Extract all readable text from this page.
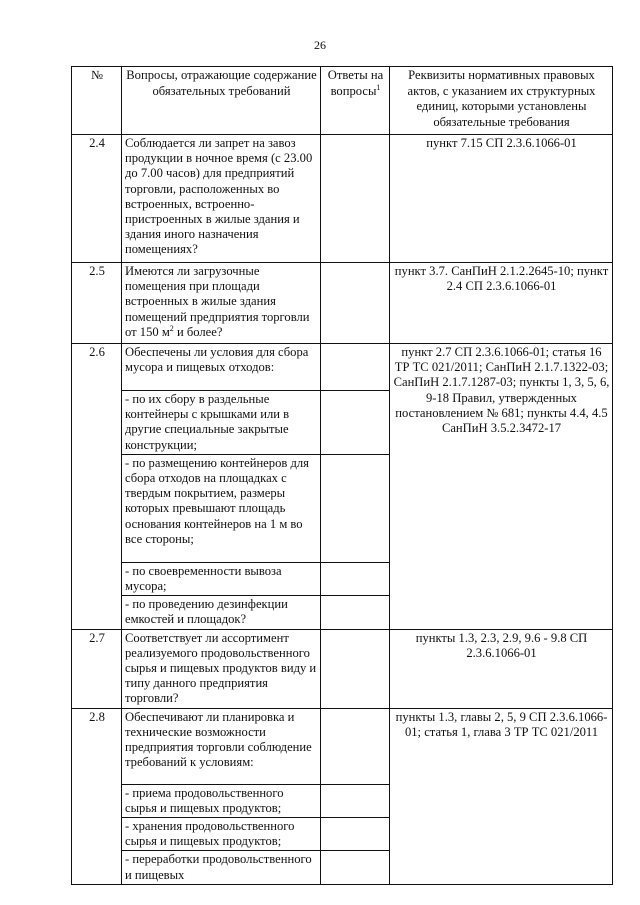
26
№	Вопросы, отражающие содержание обязательных требований	Ответы на вопросы$^1$	Реквизиты нормативных правовых актов, с указанием их структурных единиц, которыми установлены обязательные требования
2.4	Соблюдается ли запрет на завоз продукции в ночное время (с 23.00 до 7.00 часов) для предприятий торговли, расположенных во встроенных, встроенно-пристроенных в жилые здания и здания иного назначения помещениях?		пункт 7.15 СП 2.3.6.1066-01
2.5	Имеются ли загрузочные помещения при площади встроенных в жилые здания помещений предприятия торговли от 150 $м^2$ и более?		пункт 3.7. СанПиН 2.1.2.2645-10; пункт 2.4 СП 2.3.6.1066-01
2.6	Обеспечены ли условия для сбора мусора и пищевых отходов:		пункт 2.7 СП 2.3.6.1066-01; статья 16 ТР ТС 021/2011; СанПиН 2.1.7.1322-03; СанПиН 2.1.7.1287-03; пункты 1, 3, 5, 6, 9-18 Правил, утвержденных постановлением № 681; пункты 4.4, 4.5 СанПиН 3.5.2.3472-17
	- по их сбору в раздельные контейнеры с крышками или в другие специальные закрытые конструкции;		
	- по размещению контейнеров для сбора отходов на площадках с твердым покрытием, размеры которых превышают площадь основания контейнеров на 1 м во все стороны;		
	- по своевременности вывоза мусора;		
	- по проведению дезинфекции емкостей и площадок?		
2.7	Соответствует ли ассортимент реализуемого продовольственного сырья и пищевых продуктов виду и типу данного предприятия торговли?		пункты 1.3, 2.3, 2.9, 9.6 - 9.8 СП 2.3.6.1066-01
2.8	Обеспечивают ли планировка и технические возможности предприятия торговли соблюдение требований к условиям:		пункты 1.3, главы 2, 5, 9 СП 2.3.6.1066-01; статья 1, глава 3 ТР ТС 021/2011
	- приема продовольственного сырья и пищевых продуктов;		
	- хранения продовольственного сырья и пищевых продуктов;		
	- переработки продовольственного и пищевых		
